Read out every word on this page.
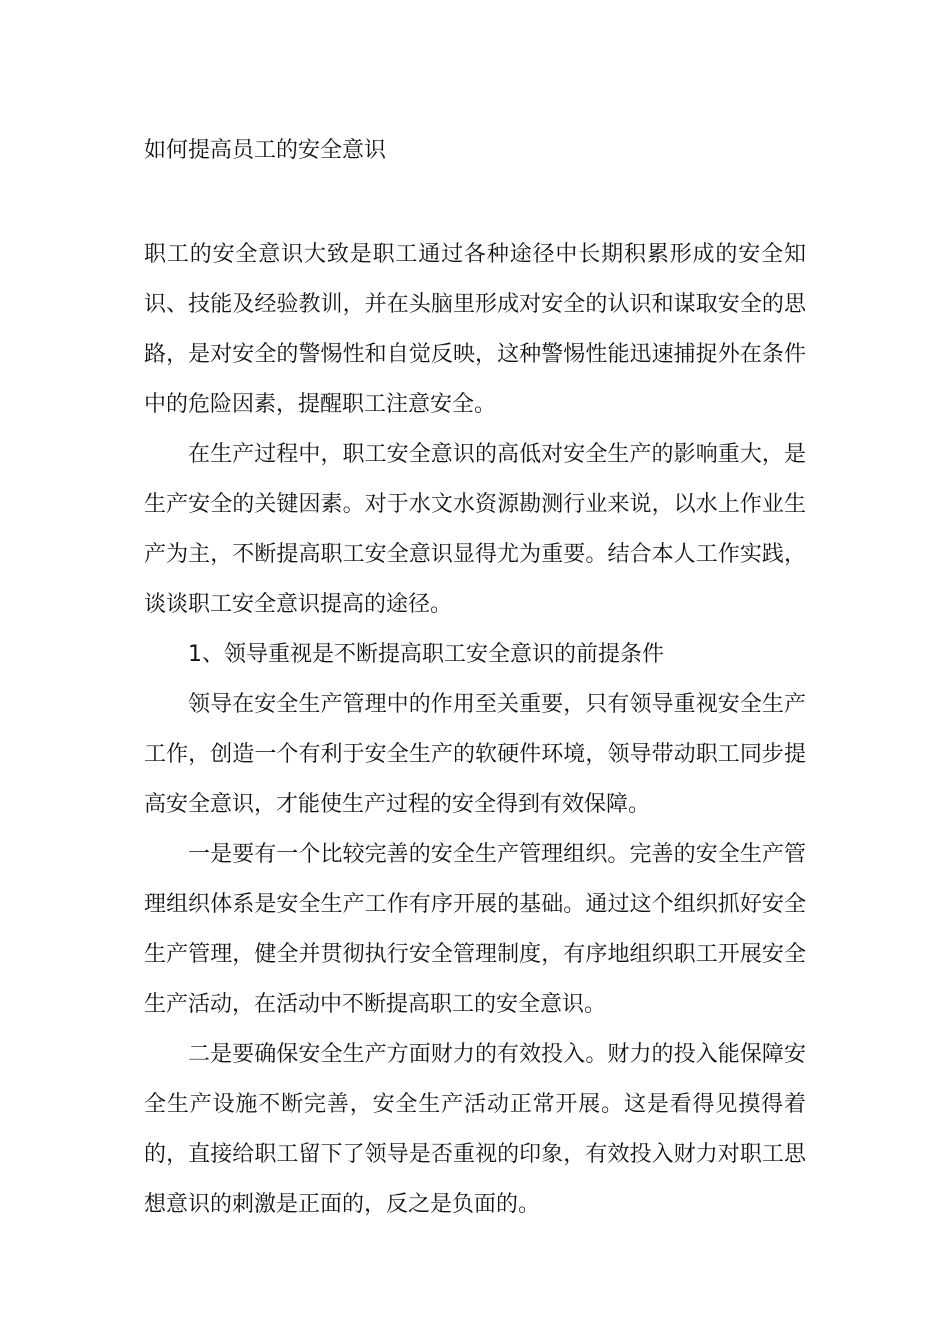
如何提高员工的安全意识

职工的安全意识大致是职工通过各种途径中长期积累形成的安全知识、技能及经验教训，并在头脑里形成对安全的认识和谋取安全的思路，是对安全的警惕性和自觉反映，这种警惕性能迅速捕捉外在条件中的危险因素，提醒职工注意安全。

在生产过程中，职工安全意识的高低对安全生产的影响重大，是生产安全的关键因素。对于水文水资源勘测行业来说，以水上作业生产为主，不断提高职工安全意识显得尤为重要。结合本人工作实践，谈谈职工安全意识提高的途径。

1、领导重视是不断提高职工安全意识的前提条件

领导在安全生产管理中的作用至关重要，只有领导重视安全生产工作，创造一个有利于安全生产的软硬件环境，领导带动职工同步提高安全意识，才能使生产过程的安全得到有效保障。

一是要有一个比较完善的安全生产管理组织。完善的安全生产管理组织体系是安全生产工作有序开展的基础。通过这个组织抓好安全生产管理，健全并贯彻执行安全管理制度，有序地组织职工开展安全生产活动，在活动中不断提高职工的安全意识。

二是要确保安全生产方面财力的有效投入。财力的投入能保障安全生产设施不断完善，安全生产活动正常开展。这是看得见摸得着的，直接给职工留下了领导是否重视的印象，有效投入财力对职工思想意识的刺激是正面的，反之是负面的。
